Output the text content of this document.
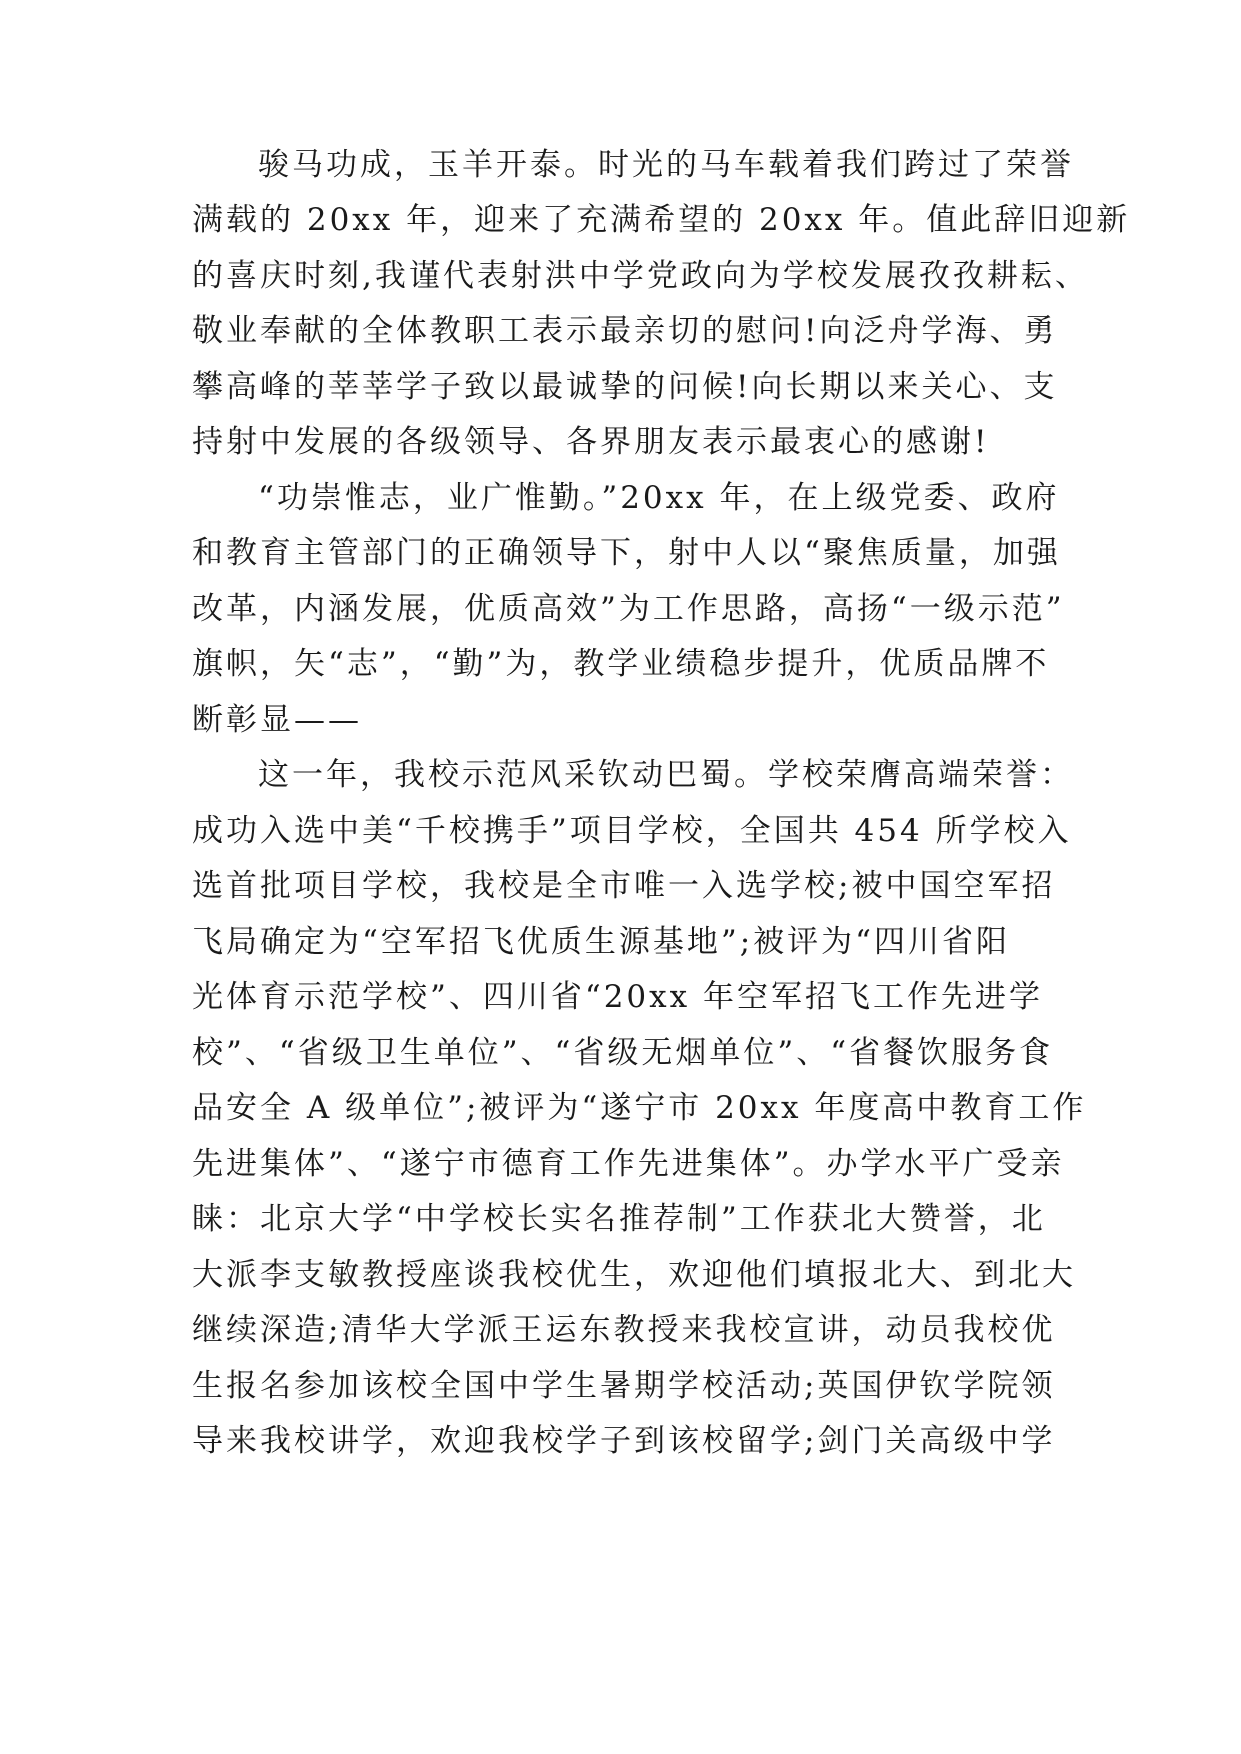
骏马功成，玉羊开泰。时光的马车载着我们跨过了荣誉
满载的 20xx 年，迎来了充满希望的 20xx 年。值此辞旧迎新
的喜庆时刻,我谨代表射洪中学党政向为学校发展孜孜耕耘、
敬业奉献的全体教职工表示最亲切的慰问!向泛舟学海、勇
攀高峰的莘莘学子致以最诚挚的问候!向长期以来关心、支
持射中发展的各级领导、各界朋友表示最衷心的感谢!
“功崇惟志，业广惟勤。”20xx 年，在上级党委、政府
和教育主管部门的正确领导下，射中人以“聚焦质量，加强
改革，内涵发展，优质高效”为工作思路，高扬“一级示范”
旗帜，矢“志”，“勤”为，教学业绩稳步提升，优质品牌不
断彰显——
这一年，我校示范风采钦动巴蜀。学校荣膺高端荣誉：
成功入选中美“千校携手”项目学校，全国共 454 所学校入
选首批项目学校，我校是全市唯一入选学校;被中国空军招
飞局确定为“空军招飞优质生源基地”;被评为“四川省阳
光体育示范学校”、四川省“20xx 年空军招飞工作先进学
校”、“省级卫生单位”、“省级无烟单位”、“省餐饮服务食
品安全 A 级单位”;被评为“遂宁市 20xx 年度高中教育工作
先进集体”、“遂宁市德育工作先进集体”。办学水平广受亲
睐：北京大学“中学校长实名推荐制”工作获北大赞誉，北
大派李支敏教授座谈我校优生，欢迎他们填报北大、到北大
继续深造;清华大学派王运东教授来我校宣讲，动员我校优
生报名参加该校全国中学生暑期学校活动;英国伊钦学院领
导来我校讲学，欢迎我校学子到该校留学;剑门关高级中学
